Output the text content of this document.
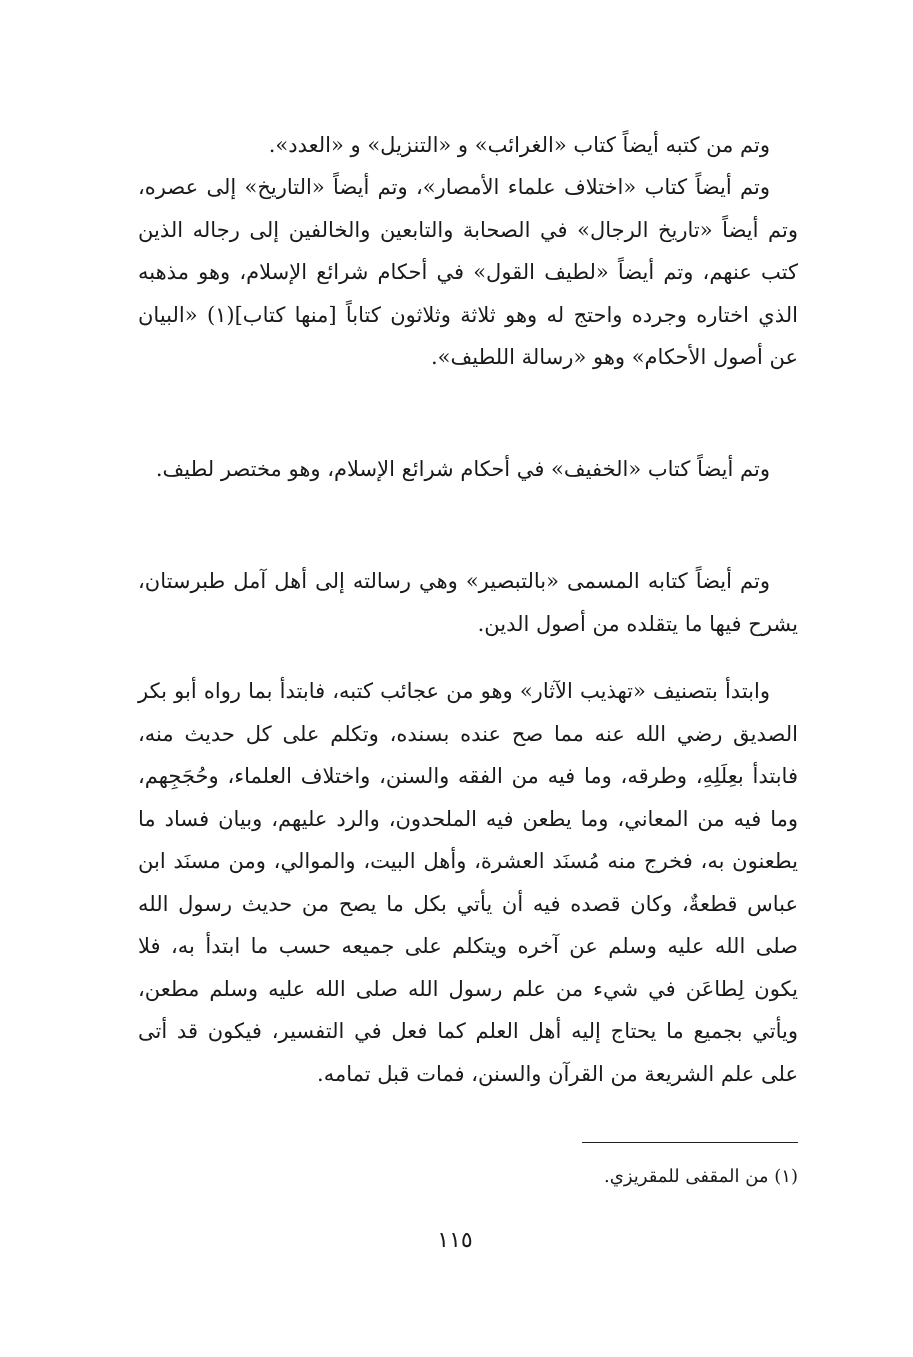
وتم من كتبه أيضاً كتاب «الغرائب» و «التنزيل» و «العدد».

وتم أيضاً كتاب «اختلاف علماء الأمصار»، وتم أيضاً «التاريخ» إلى عصره، وتم أيضاً «تاريخ الرجال» في الصحابة والتابعين والخالفين إلى رجاله الذين كتب عنهم، وتم أيضاً «لطيف القول» في أحكام شرائع الإسلام، وهو مذهبه الذي اختاره وجرده واحتج له وهو ثلاثة وثلاثون كتاباً [منها كتاب](١) «البيان عن أصول الأحكام» وهو «رسالة اللطيف».

وتم أيضاً كتاب «الخفيف» في أحكام شرائع الإسلام، وهو مختصر لطيف.

وتم أيضاً كتابه المسمى «بالتبصير» وهي رسالته إلى أهل آمل طبرستان، يشرح فيها ما يتقلده من أصول الدين.

وابتدأ بتصنيف «تهذيب الآثار» وهو من عجائب كتبه، فابتدأ بما رواه أبو بكر الصديق رضي الله عنه مما صح عنده بسنده، وتكلم على كل حديث منه، فابتدأ بعِلَلِهِ، وطرقه، وما فيه من الفقه والسنن، واختلاف العلماء، وحُجَجِهم، وما فيه من المعاني، وما يطعن فيه الملحدون، والرد عليهم، وبيان فساد ما يطعنون به، فخرج منه مُسنَد العشرة، وأهل البيت، والموالي، ومن مسنَد ابن عباس قطعةٌ، وكان قصده فيه أن يأتي بكل ما يصح من حديث رسول الله صلى الله عليه وسلم عن آخره ويتكلم على جميعه حسب ما ابتدأ به، فلا يكون لِطاعَن في شيء من علم رسول الله صلى الله عليه وسلم مطعن، ويأتي بجميع ما يحتاج إليه أهل العلم كما فعل في التفسير، فيكون قد أتى على علم الشريعة من القرآن والسنن، فمات قبل تمامه.

(١) من المقفى للمقريزي.
١١٥
